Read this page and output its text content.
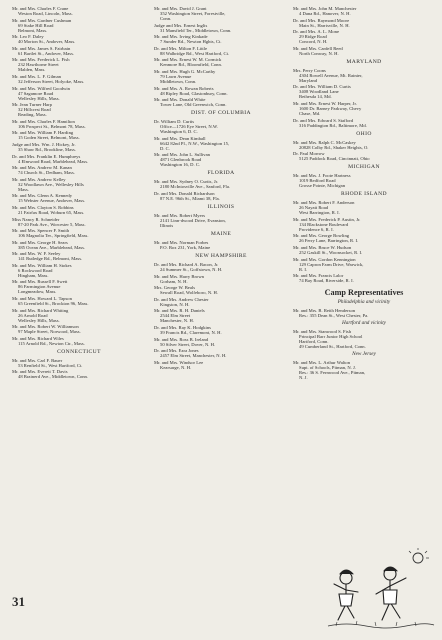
Mr. and Mrs. Charles F. Crane
Weston Road, Lincoln, Mass.
Mr. and Mrs. Gardner Cushman
69 Stake Hill Road
Belmont, Mass.
Mr. Leo F. Daley
40 Morton St., Andover, Mass.
Mr. and Mrs. James S. Fairbain
61 Bartlet St., Andover, Mass.
Mr. and Mrs. Frederick L. Fish
232 Hawthorne Street
Malden, Mass.
Mr. and Mrs. L. F. Gilman
32 Jefferson Street, Holyoke, Mass.
Mr. and Mrs. Wilfred Goodwin
47 Sagamore Road
Wellesley Hills, Mass.
Mr. Jean Turner Harp
32 Hillcrest Road
Reading, Mass.
Mr. and Mrs. Charles F. Hamilton
106 Prospect St., Belmont 78, Mass.
Mr. and Mrs. William F. Harding
15 Goden Street, Belmont, Mass.
Judge and Mrs. Wm. J. Hickey, Jr.
35 Shaw Rd., Brookline, Mass.
Dr. and Mrs. Franklin E. Humphreys
4 Elmwood Road, Marblehead, Mass.
Mr. and Mrs. Andrew M. Kanan
74 Church St., Dedham, Mass.
Mr. and Mrs. Andrew Kelley
32 Woodlawn Ave., Wellesley Hills
Mass.
Mr. and Mrs. Glenn A. Kennedy
15 Webster Avenue, Andover, Mass.
Mr. and Mrs. Clayton S. Robbins
21 Fairfax Road, Woburn 65, Mass.
Miss Nancy R. Schneider
87-20 Park Ave., Worcester 5, Mass.
Mr. and Mrs. Spencer F. Smith
106 Magnolia Ter., Springfield, Mass.
Mr. and Mrs. George H. Sears
385 Ocean Ave., Marblehead, Mass.
Mr. and Mrs. W. F. Seeley
141 Rutledge Rd., Belmont, Mass.
Mr. and Mrs. William H. Stokes
6 Rockwood Road
Hingham, Mass.
Mr. and Mrs. Russell F. Swett
86 Farmington Avenue
Longmeadow, Mass.
Mr. and Mrs. Howard L. Tapson
65 Greenfield St., Brockton 96, Mass.
Mr. and Mrs. Richard Whiting
26 Arnold Road
Wellesley Hills, Mass.
Mr. and Mrs. Robert W. Williamson
97 Maple Street, Norwood, Mass.
Mr. and Mrs. Richard Wiles
115 Arnold Rd., Newton Ctr., Mass.
CONNECTICUT
Mr. and Mrs. Carl F. Bauer
53 Renfield St., West Hartford, Ct.
Mr. and Mrs. Everett T. Davis
48 Brainerd Ave., Middletown, Conn.
Mr. and Mrs. David J. Grant
352 Washington Street, Forestville,
Conn.
Judge and Mrs. Ernest Inglis
31 Mansfield Ter., Middletown, Conn.
Mr. and Mrs. Irving Kinkade
7 Sunder Rd., Newton Hghts, Ct.
Dr. and Mrs. Milton F. Little
88 Walbridge Rd., West Hartford, Ct.
Mr. and Mrs. Ernest W. M. Cormick
Kenmore Rd., Bloomfield, Conn.
Mr. and Mrs. Hugh G. McCarthy
79 Lawn Avenue
Middletown, Conn.
Mr. and Mrs. A. Rowan Roberts
48 Ripley Road, Glastonbury, Conn.
Mr. and Mrs. Donald White
Tower Lane, Old Greenwich, Conn.
DIST. OF COLUMBIA
Dr. William D. Curtis
Office—1726 Eye Street, N.W.
Washington 6, D. C.
Mr. and Mrs. Dean Kimball
6642 82nd Pl., N.W., Washington 15,
D. C.
Mr. and Mrs. John L. Sullivan
4871 Glenbrook Road
Washington 16, D. C.
FLORIDA
Mr. and Mrs. Sydney O. Curtis, Jr.
2180 McIntosville Ave., Sanford, Fla.
Dr. and Mrs. Donald Richardson
87 N.E. 96th St., Miami 38, Fla.
ILLINOIS
Mr. and Mrs. Robert Myers
2141 Linn-dwood Drive, Evanston,
Illinois
MAINE
Mr. and Mrs. Norman Forbes
P.O. Box 231, York, Maine
NEW HAMPSHIRE
Dr. and Mrs. Richard A. Bacon, Jr.
24 Summer St., Goffstown, N. H.
Mr. and Mrs. Harry Brown
Gorham, N. H.
Mrs. George W. Beals
Sewall Road, Wolfeboro, N. H.
Dr. and Mrs. Andrew Chester
Kingston, N. H.
Mr. and Mrs. R. H. Daniels
2544 Elm Street
Manchester, N. H.
Dr. and Mrs. Ray K. Hodgkins
39 Francis Rd., Claremont, N. H.
Mr. and Mrs. Ross B. Ireland
50 Silver Street, Dover, N. H.
Dr. and Mrs. Ezra Jones
2457 Elm Street, Manchester, N. H.
Mr. and Mrs. Windsor Lee
Kearsarge, N. H.
Mr. and Mrs. John M. Manchester
4 Dana Rd., Hanover, N. H.
Dr. and Mrs. Raymond Moore
Main St., Harrisville, N. H.
Dr. and Mrs. A. L. Mone
29 Ridge Road
Concord, N. H.
Mr. and Mrs. Cardell Reed
North Conway, N. H.
MARYLAND
Mrs. Perry Coons
4304 Rowell Avenue, Mt. Rainier,
Maryland
Dr. and Mrs. William D. Curtis
3408 Woodland Lane
Bethesda 14, Md.
Mr. and Mrs. Ernest W. Harper, Jr.
1600 Dr. Barney Parkway, Chevy
Chase, Md.
Dr. and Mrs. Edward S. Stafford
316 Paddington Rd., Baltimore, Md.
OHIO
Mr. and Mrs. Ralph C. McCaskey
20828 Colby Rd., Shaker Heights, O.
Dr. Paul Morrow
5125 Paddock Road, Cincinnati, Ohio
MICHIGAN
Mr. and Mrs. J. Foote Hartness
1019 Bedford Road
Grosse Pointe, Michigan
RHODE ISLAND
Mr. and Mrs. Robert F. Anderson
26 Nayatt Road
West Barrington, R. I.
Mr. and Mrs. Frederick P. Austin, Jr.
134 Blackstone Boulevard
Providence 6, R. I.
Mr. and Mrs. George Bowling
26 Ferry Lane, Barrington, R. I.
Mr. and Mrs. Bruce W. Hudson
252 Gaskill St., Woonsocket, R. I.
Mr. and Mrs. Gordon Kennington
129 Capron Farm Drive, Warwick,
R. I.
Mr. and Mrs. Francis Lalor
74 Bay Road, Riverside, R. I.
Camp Representatives
Philadelphia and vicinity
Mr. and Mrs. B. Reith Henderson
Res.: 355 Dean St., West Chester, Pa.
Hartford and vicinity
Mr. and Mrs. Stanwood S. Fish
Principal Barr Junior High School
Hartford, Conn.
49 Cumberland St., Hartford, Conn.
New Jersey
Mr. and Mrs. L. Arthur Walton
Supt. of Schools, Pitman, N. J.
Res.: 36 S. Fernwood Ave., Pitman,
N. J.
31
